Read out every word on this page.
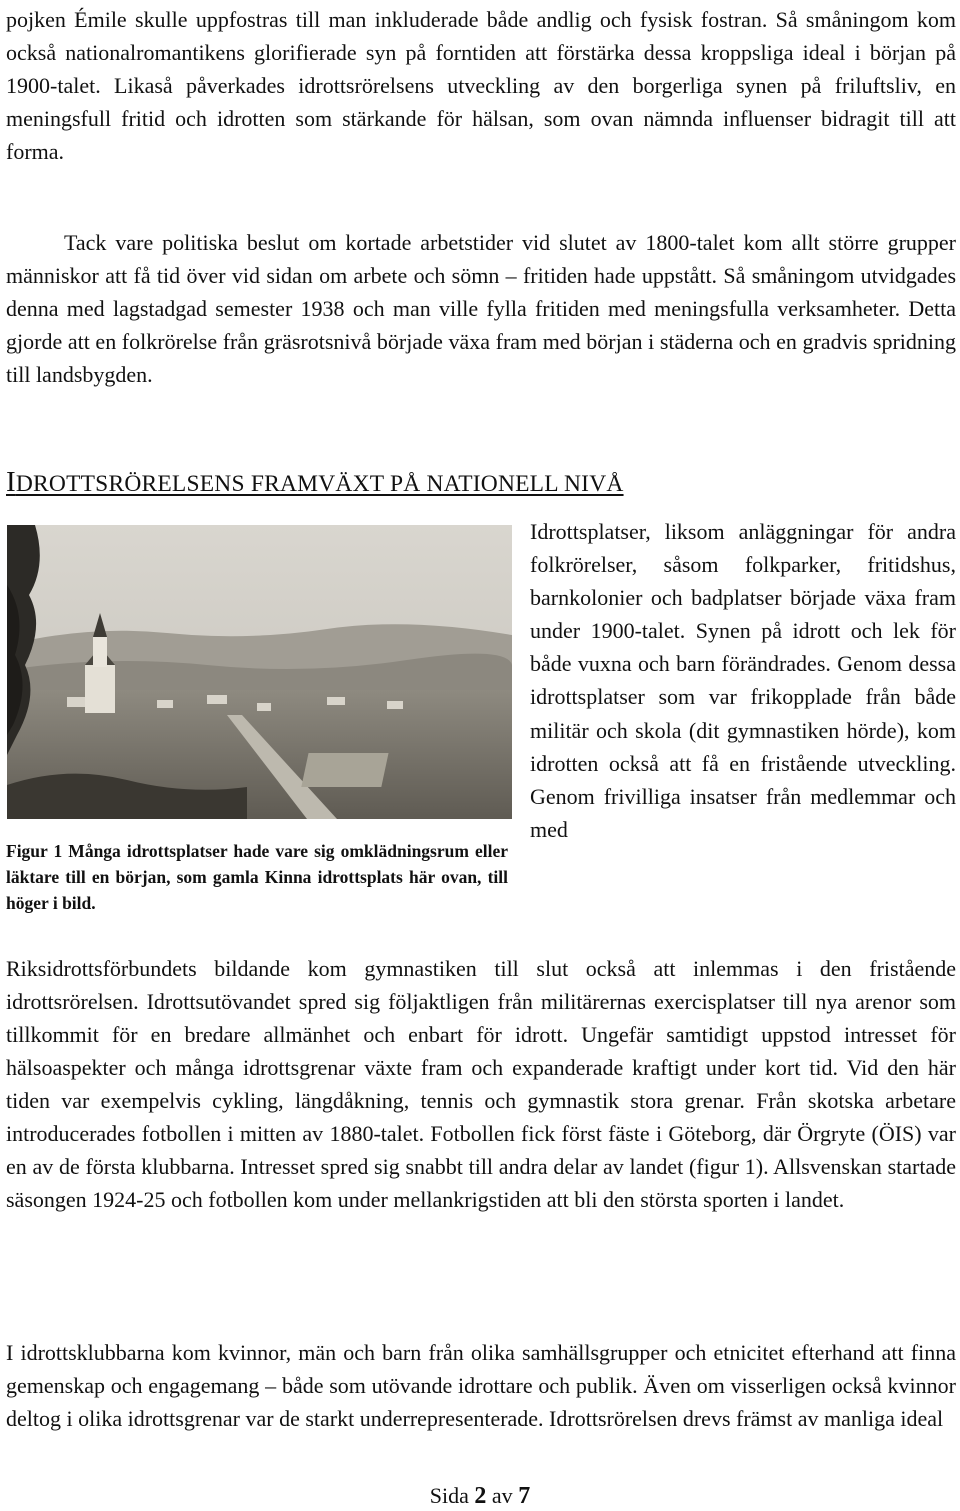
pojken Émile skulle uppfostras till man inkluderade både andlig och fysisk fostran. Så småningom kom också nationalromantikens glorifierade syn på forntiden att förstärka dessa kroppsliga ideal i början på 1900-talet. Likaså påverkades idrottsrörelsens utveckling av den borgerliga synen på friluftsliv, en meningsfull fritid och idrotten som stärkande för hälsan, som ovan nämnda influenser bidragit till att forma.

Tack vare politiska beslut om kortade arbetstider vid slutet av 1800-talet kom allt större grupper människor att få tid över vid sidan om arbete och sömn – fritiden hade uppstått. Så småningom utvidgades denna med lagstadgad semester 1938 och man ville fylla fritiden med meningsfulla verksamheter. Detta gjorde att en folkrörelse från gräsrotsnivå började växa fram med början i städerna och en gradvis spridning till landsbygden.

IDROTTSRÖRELSENS FRAMVÄXT PÅ NATIONELL NIVÅ

Figur 1 Många idrottsplatser hade vare sig omklädningsrum eller läktare till en början, som gamla Kinna idrottsplats här ovan, till höger i bild.

Idrottsplatser, liksom anläggningar för andra folkrörelser, såsom folkparker, fritidshus, barnkolonier och badplatser började växa fram under 1900-talet. Synen på idrott och lek för både vuxna och barn förändrades. Genom dessa idrottsplatser som var frikopplade från både militär och skola (dit gymnastiken hörde), kom idrotten också att få en fristående utveckling. Genom frivilliga insatser från medlemmar och med

Riksidrottsförbundets bildande kom gymnastiken till slut också att inlemmas i den fristående idrottsrörelsen. Idrottsutövandet spred sig följaktligen från militärernas exercisplatser till nya arenor som tillkommit för en bredare allmänhet och enbart för idrott. Ungefär samtidigt uppstod intresset för hälsoaspekter och många idrottsgrenar växte fram och expanderade kraftigt under kort tid. Vid den här tiden var exempelvis cykling, längdåkning, tennis och gymnastik stora grenar. Från skotska arbetare introducerades fotbollen i mitten av 1880-talet. Fotbollen fick först fäste i Göteborg, där Örgryte (ÖIS) var en av de första klubbarna. Intresset spred sig snabbt till andra delar av landet (figur 1). Allsvenskan startade säsongen 1924-25 och fotbollen kom under mellankrigstiden att bli den största sporten i landet.

I idrottsklubbarna kom kvinnor, män och barn från olika samhällsgrupper och etnicitet efterhand att finna gemenskap och engagemang – både som utövande idrottare och publik. Även om visserligen också kvinnor deltog i olika idrottsgrenar var de starkt underrepresenterade. Idrottsrörelsen drevs främst av manliga ideal

Sida 2 av 7
